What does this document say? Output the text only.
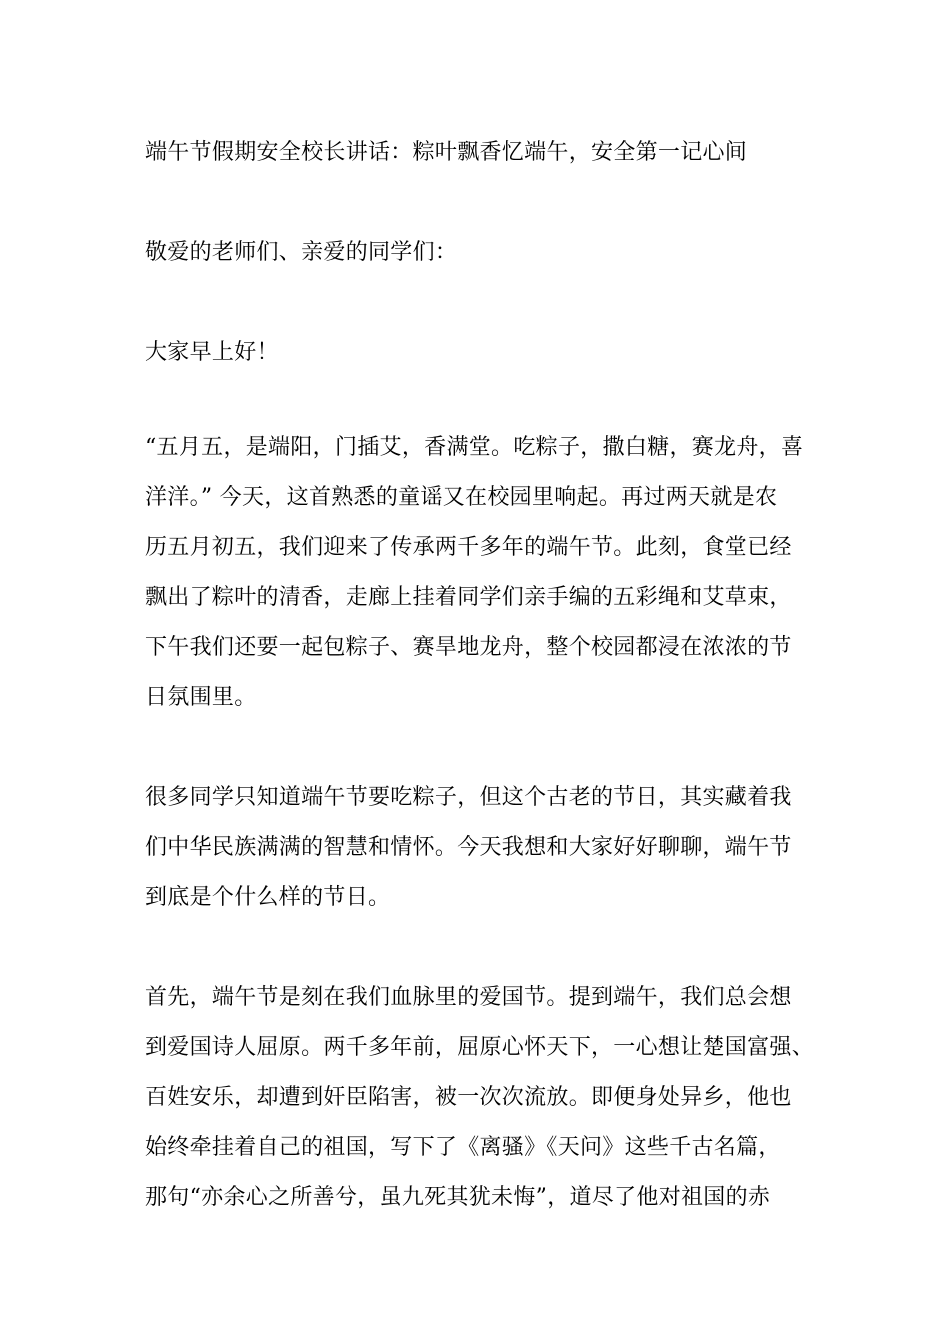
端午节假期安全校长讲话：粽叶飘香忆端午，安全第一记心间
敬爱的老师们、亲爱的同学们：
大家早上好！
“五月五，是端阳，门插艾，香满堂。吃粽子，撒白糖，赛龙舟，喜
洋洋。” 今天，这首熟悉的童谣又在校园里响起。再过两天就是农
历五月初五，我们迎来了传承两千多年的端午节。此刻，食堂已经
飘出了粽叶的清香，走廊上挂着同学们亲手编的五彩绳和艾草束，
下午我们还要一起包粽子、赛旱地龙舟，整个校园都浸在浓浓的节
日氛围里。
很多同学只知道端午节要吃粽子，但这个古老的节日，其实藏着我
们中华民族满满的智慧和情怀。今天我想和大家好好聊聊，端午节
到底是个什么样的节日。
首先，端午节是刻在我们血脉里的爱国节。提到端午，我们总会想
到爱国诗人屈原。两千多年前，屈原心怀天下，一心想让楚国富强、
百姓安乐，却遭到奸臣陷害，被一次次流放。即便身处异乡，他也
始终牵挂着自己的祖国，写下了《离骚》《天问》这些千古名篇，
那句“亦余心之所善兮，虽九死其犹未悔”，道尽了他对祖国的赤
